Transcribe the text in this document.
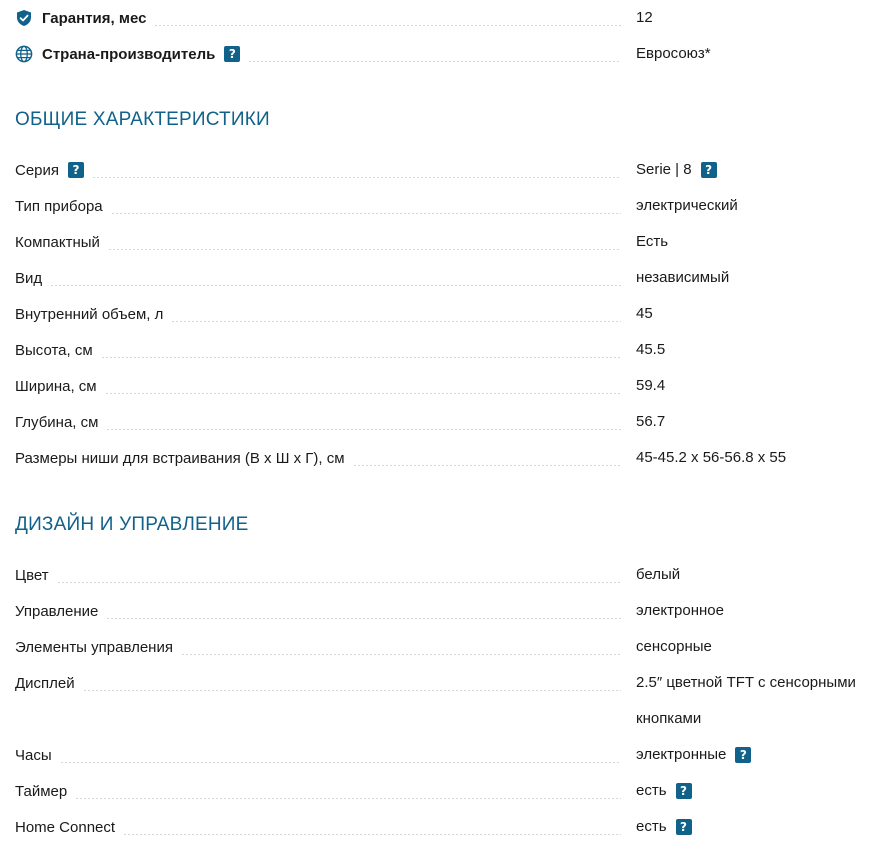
Гарантия, мес	12
Страна-производитель	?	Евросоюз*
ОБЩИЕ ХАРАКТЕРИСТИКИ
Серия	?	Serie | 8	?
Тип прибора	электрический
Компактный	Есть
Вид	независимый
Внутренний объем, л	45
Высота, см	45.5
Ширина, см	59.4
Глубина, см	56.7
Размеры ниши для встраивания (В х Ш х Г), см	45-45.2 x 56-56.8 x 55
ДИЗАЙН И УПРАВЛЕНИЕ
Цвет	белый
Управление	электронное
Элементы управления	сенсорные
Дисплей	2.5″ цветной TFT с сенсорными кнопками
Часы	электронные	?
Таймер	есть	?
Home Connect	есть	?
